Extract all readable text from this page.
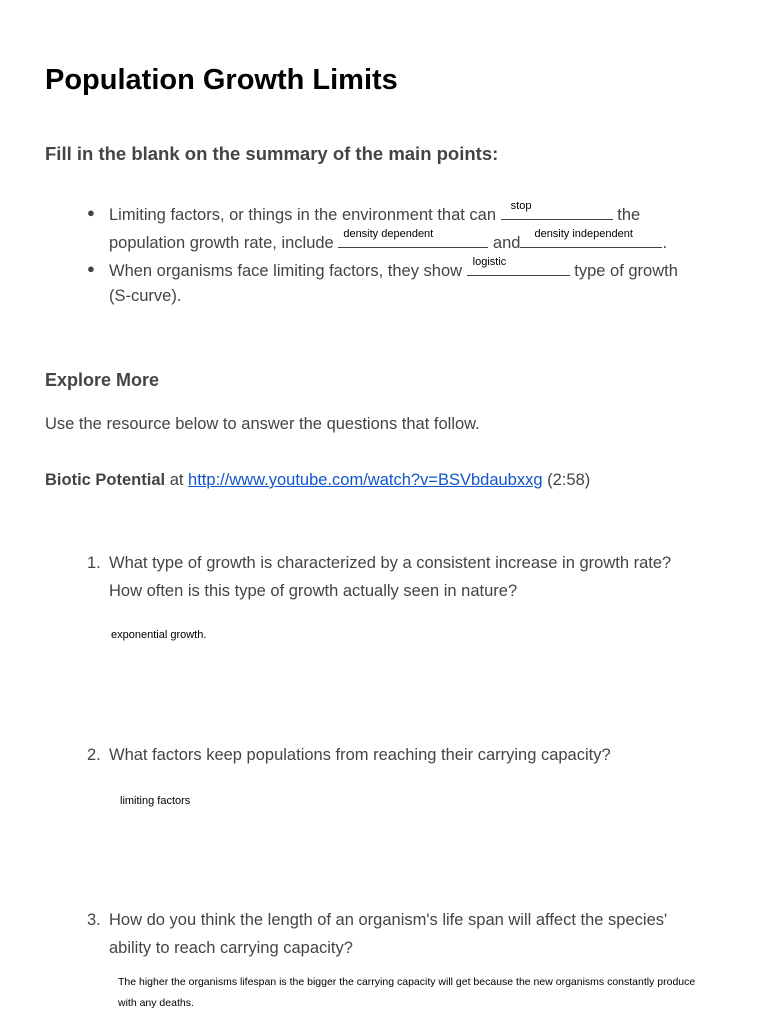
Population Growth Limits
Fill in the blank on the summary of the main points:
● Limiting factors, or things in the environment that can stop	the
population growth rate, include density dependent	and density independent .
● When organisms face limiting factors, they show logistic	type of growth
(S-curve).
Explore More
Use the resource below to answer the questions that follow.
Biotic Potential at http://www.youtube.com/watch?v=BSVbdaubxxg (2:58)
1. What type of growth is characterized by a consistent increase in growth rate?
How often is this type of growth actually seen in nature?
exponential growth.
2. What factors keep populations from reaching their carrying capacity?
limiting factors
3. How do you think the length of an organism's life span will affect the species'
ability to reach carrying capacity?
The higher the organisms lifespan is the bigger the carrying capacity will get because the new organisms constantly produce
with any deaths.
